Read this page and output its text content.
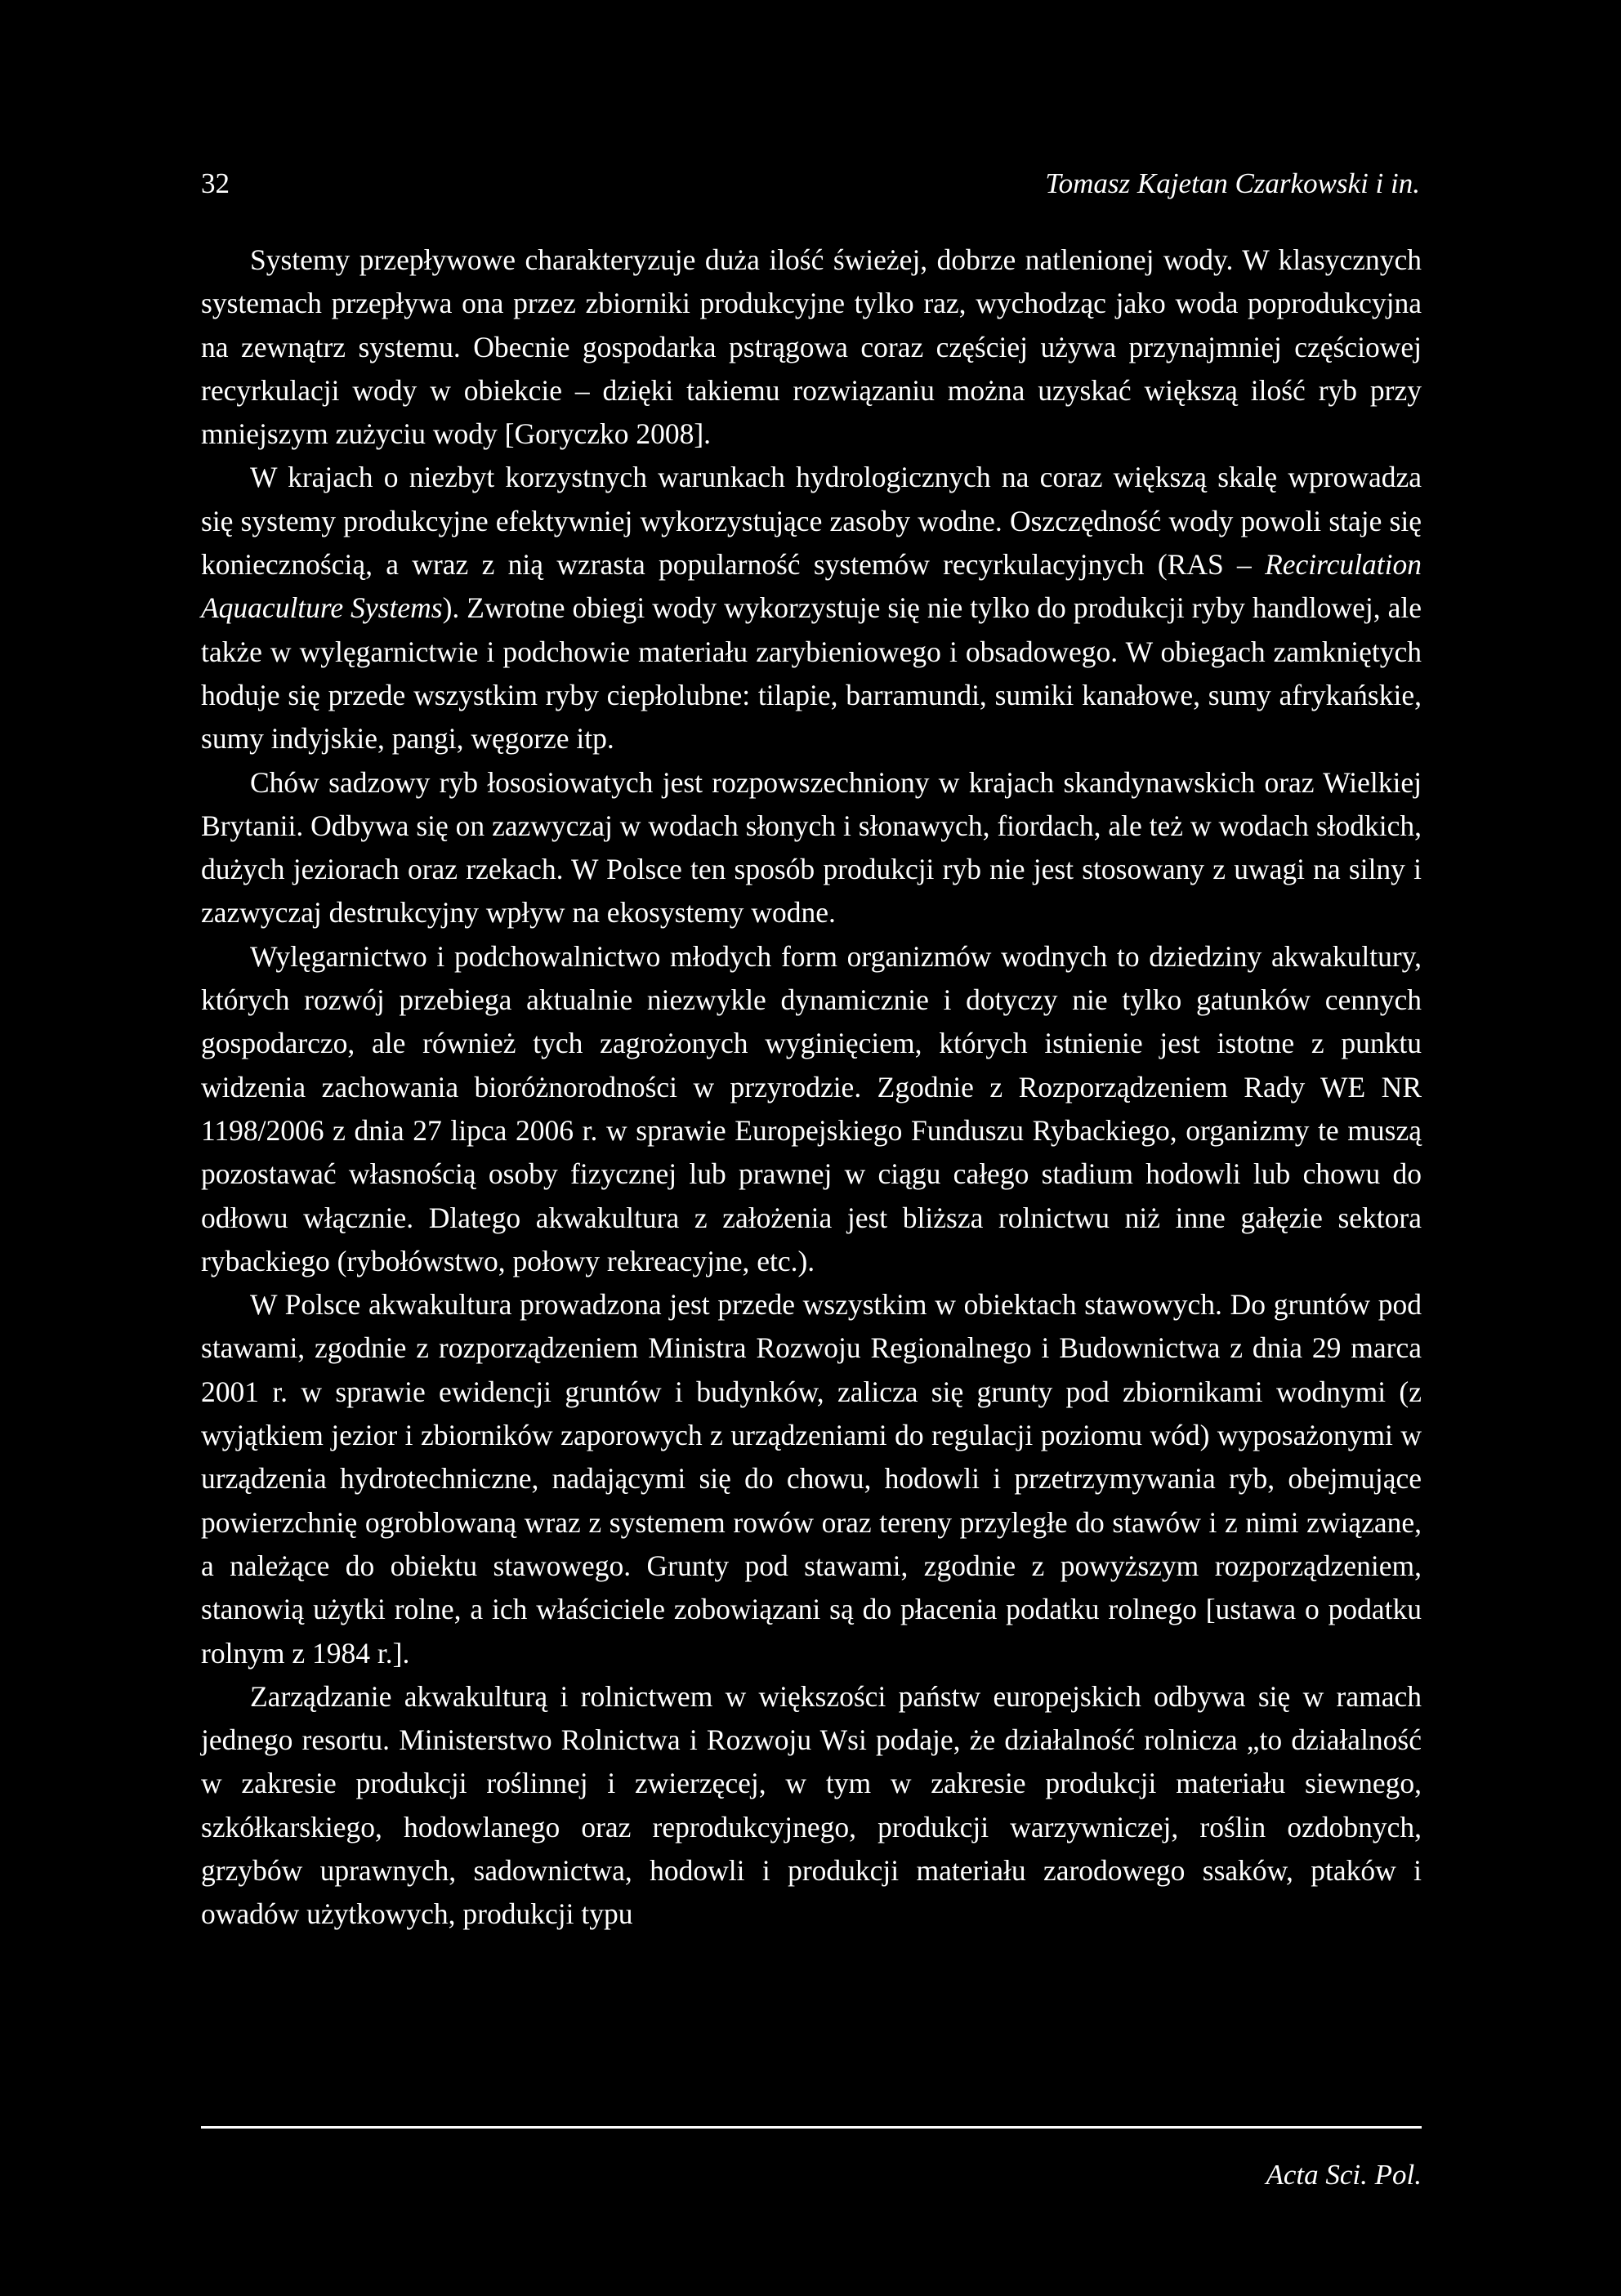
32	Tomasz Kajetan Czarkowski i in.

Systemy przepływowe charakteryzuje duża ilość świeżej, dobrze natlenionej wody. W klasycznych systemach przepływa ona przez zbiorniki produkcyjne tylko raz, wychodząc jako woda poprodukcyjna na zewnątrz systemu. Obecnie gospodarka pstrągowa coraz częściej używa przynajmniej częściowej recyrkulacji wody w obiekcie – dzięki takiemu rozwiązaniu można uzyskać większą ilość ryb przy mniejszym zużyciu wody [Goryczko 2008].

W krajach o niezbyt korzystnych warunkach hydrologicznych na coraz większą skalę wprowadza się systemy produkcyjne efektywniej wykorzystujące zasoby wodne. Oszczędność wody powoli staje się koniecznością, a wraz z nią wzrasta popularność systemów recyrkulacyjnych (RAS – Recirculation Aquaculture Systems). Zwrotne obiegi wody wykorzystuje się nie tylko do produkcji ryby handlowej, ale także w wylęgarnictwie i podchowie materiału zarybieniowego i obsadowego. W obiegach zamkniętych hoduje się przede wszystkim ryby ciepłolubne: tilapie, barramundi, sumiki kanałowe, sumy afrykańskie, sumy indyjskie, pangi, węgorze itp.

Chów sadzowy ryb łososiowatych jest rozpowszechniony w krajach skandynawskich oraz Wielkiej Brytanii. Odbywa się on zazwyczaj w wodach słonych i słonawych, fiordach, ale też w wodach słodkich, dużych jeziorach oraz rzekach. W Polsce ten sposób produkcji ryb nie jest stosowany z uwagi na silny i zazwyczaj destrukcyjny wpływ na ekosystemy wodne.

Wylęgarnictwo i podchowalnictwo młodych form organizmów wodnych to dziedziny akwakultury, których rozwój przebiega aktualnie niezwykle dynamicznie i dotyczy nie tylko gatunków cennych gospodarczo, ale również tych zagrożonych wyginięciem, których istnienie jest istotne z punktu widzenia zachowania bioróżnorodności w przyrodzie. Zgodnie z Rozporządzeniem Rady WE NR 1198/2006 z dnia 27 lipca 2006 r. w sprawie Europejskiego Funduszu Rybackiego, organizmy te muszą pozostawać własnością osoby fizycznej lub prawnej w ciągu całego stadium hodowli lub chowu do odłowu włącznie. Dlatego akwakultura z założenia jest bliższa rolnictwu niż inne gałęzie sektora rybackiego (rybołówstwo, połowy rekreacyjne, etc.).

W Polsce akwakultura prowadzona jest przede wszystkim w obiektach stawowych. Do gruntów pod stawami, zgodnie z rozporządzeniem Ministra Rozwoju Regionalnego i Budownictwa z dnia 29 marca 2001 r. w sprawie ewidencji gruntów i budynków, zalicza się grunty pod zbiornikami wodnymi (z wyjątkiem jezior i zbiorników zaporowych z urządzeniami do regulacji poziomu wód) wyposażonymi w urządzenia hydrotechniczne, nadającymi się do chowu, hodowli i przetrzymywania ryb, obejmujące powierzchnię ogroblowaną wraz z systemem rowów oraz tereny przyległe do stawów i z nimi związane, a należące do obiektu stawowego. Grunty pod stawami, zgodnie z powyższym rozporządzeniem, stanowią użytki rolne, a ich właściciele zobowiązani są do płacenia podatku rolnego [ustawa o podatku rolnym z 1984 r.].

Zarządzanie akwakulturą i rolnictwem w większości państw europejskich odbywa się w ramach jednego resortu. Ministerstwo Rolnictwa i Rozwoju Wsi podaje, że działalność rolnicza „to działalność w zakresie produkcji roślinnej i zwierzęcej, w tym w zakresie produkcji materiału siewnego, szkółkarskiego, hodowlanego oraz reprodukcyjnego, produkcji warzywniczej, roślin ozdobnych, grzybów uprawnych, sadownictwa, hodowli i produkcji materiału zarodowego ssaków, ptaków i owadów użytkowych, produkcji typu

Acta Sci. Pol.
